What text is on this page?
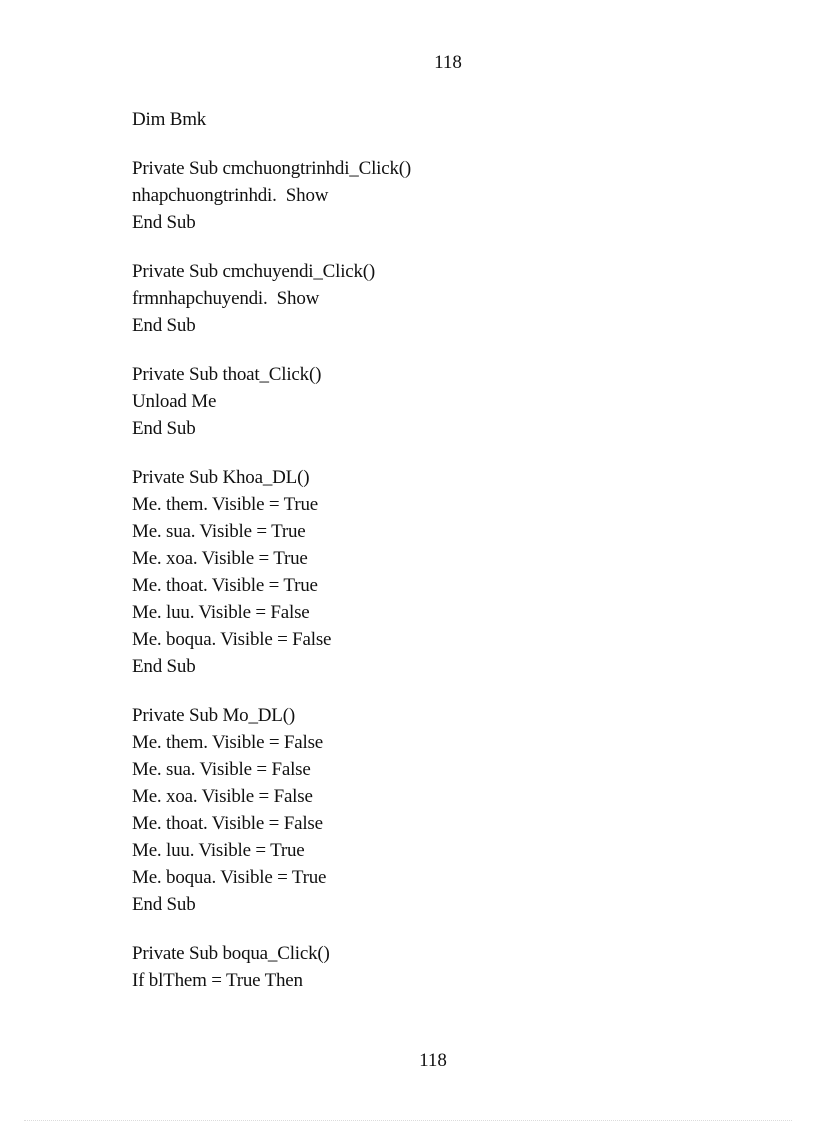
118
Dim Bmk
Private Sub cmchuongtrinhdi_Click()
nhapchuongtrinhdi.  Show
End Sub
Private Sub cmchuyendi_Click()
frmnhapchuyendi.  Show
End Sub
Private Sub thoat_Click()
Unload Me
End Sub
Private Sub Khoa_DL()
Me. them. Visible = True
Me. sua. Visible = True
Me. xoa. Visible = True
Me. thoat. Visible = True
Me. luu. Visible = False
Me. boqua. Visible = False
End Sub
Private Sub Mo_DL()
Me. them. Visible = False
Me. sua. Visible = False
Me. xoa. Visible = False
Me. thoat. Visible = False
Me. luu. Visible = True
Me. boqua. Visible = True
End Sub
Private Sub boqua_Click()
If blThem = True Then
118
